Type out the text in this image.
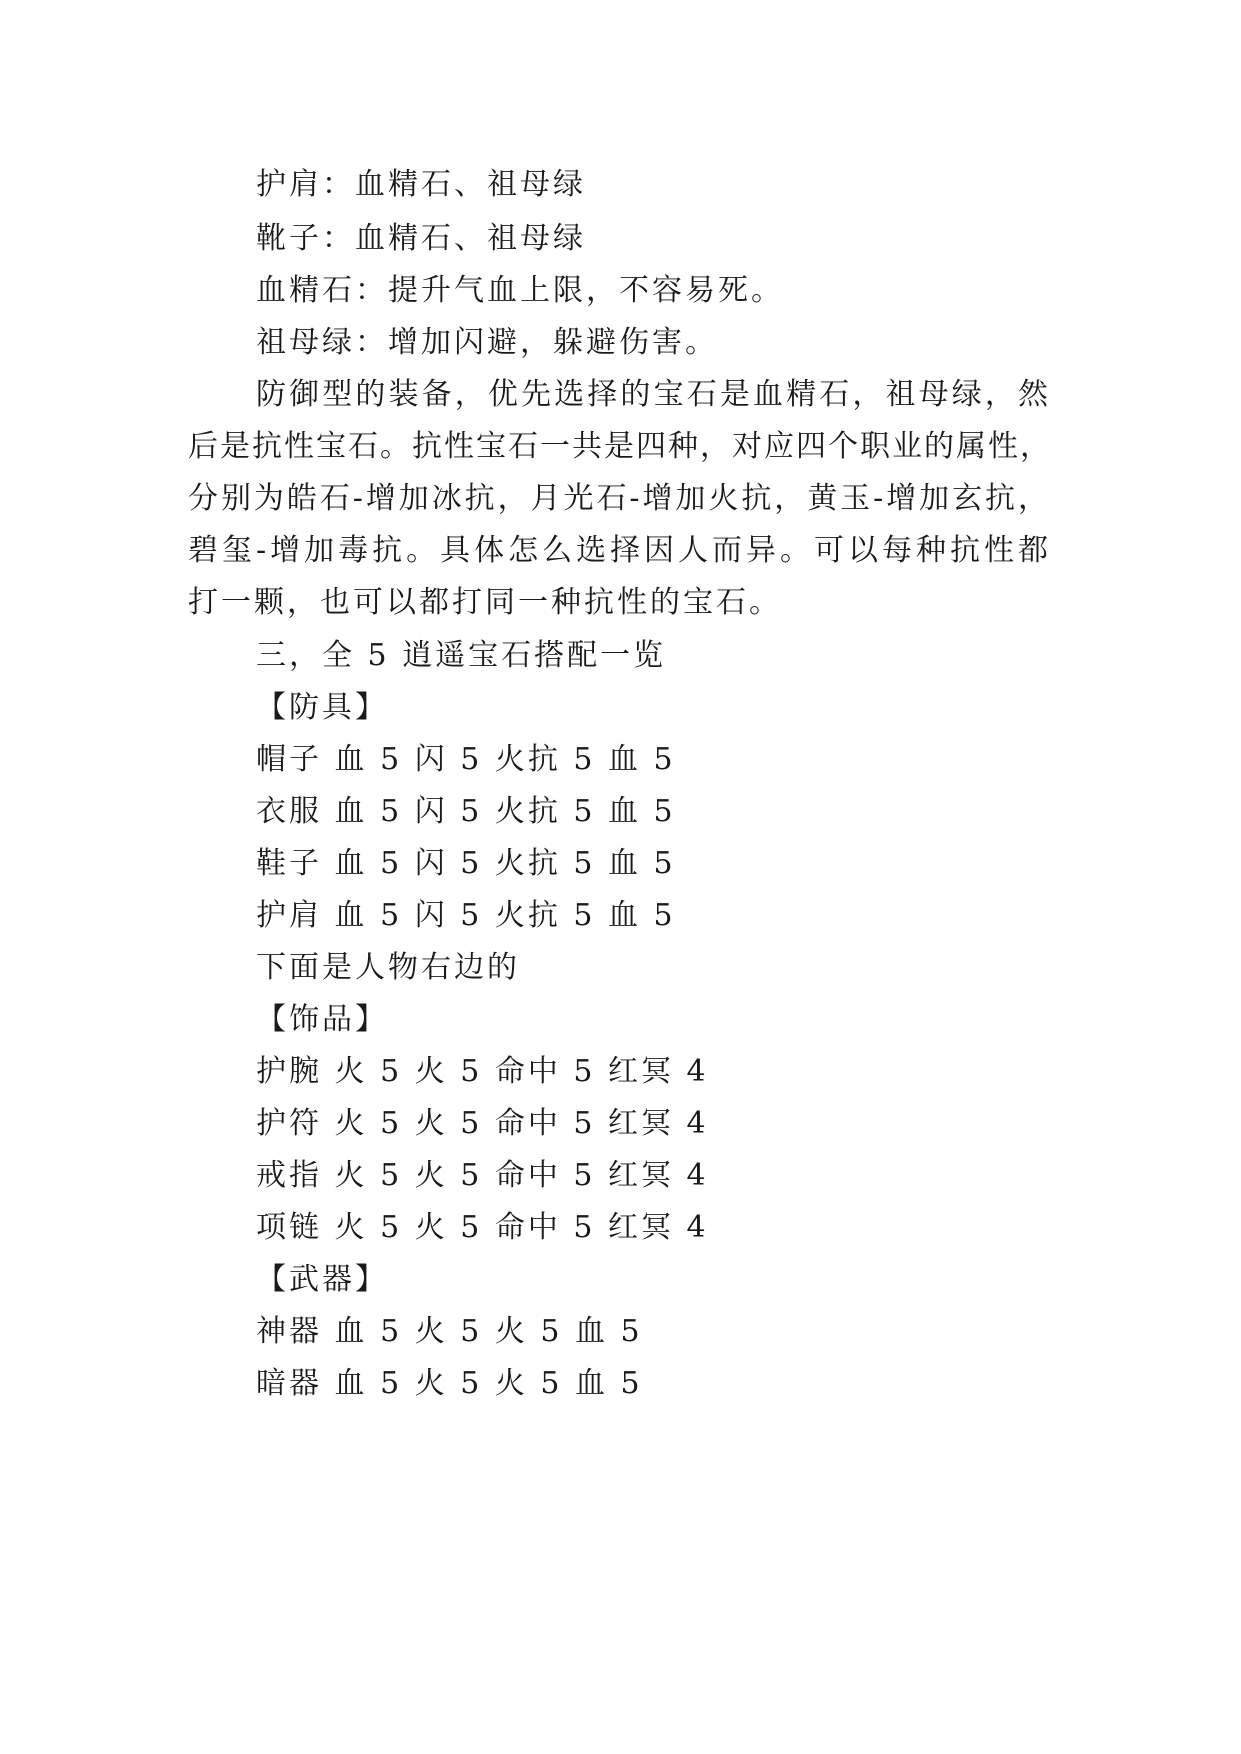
护肩：血精石、祖母绿
靴子：血精石、祖母绿
血精石：提升气血上限，不容易死。
祖母绿：增加闪避，躲避伤害。
防御型的装备，优先选择的宝石是血精石，祖母绿，然
后是抗性宝石。抗性宝石一共是四种，对应四个职业的属性，
分别为皓石-增加冰抗，月光石-增加火抗，黄玉-增加玄抗，
碧玺-增加毒抗。具体怎么选择因人而异。可以每种抗性都
打一颗，也可以都打同一种抗性的宝石。
三，全 5 逍遥宝石搭配一览
【防具】
帽子 血 5 闪 5 火抗 5 血 5
衣服 血 5 闪 5 火抗 5 血 5
鞋子 血 5 闪 5 火抗 5 血 5
护肩 血 5 闪 5 火抗 5 血 5
下面是人物右边的
【饰品】
护腕 火 5 火 5 命中 5 红冥 4
护符 火 5 火 5 命中 5 红冥 4
戒指 火 5 火 5 命中 5 红冥 4
项链 火 5 火 5 命中 5 红冥 4
【武器】
神器 血 5 火 5 火 5 血 5
暗器 血 5 火 5 火 5 血 5
